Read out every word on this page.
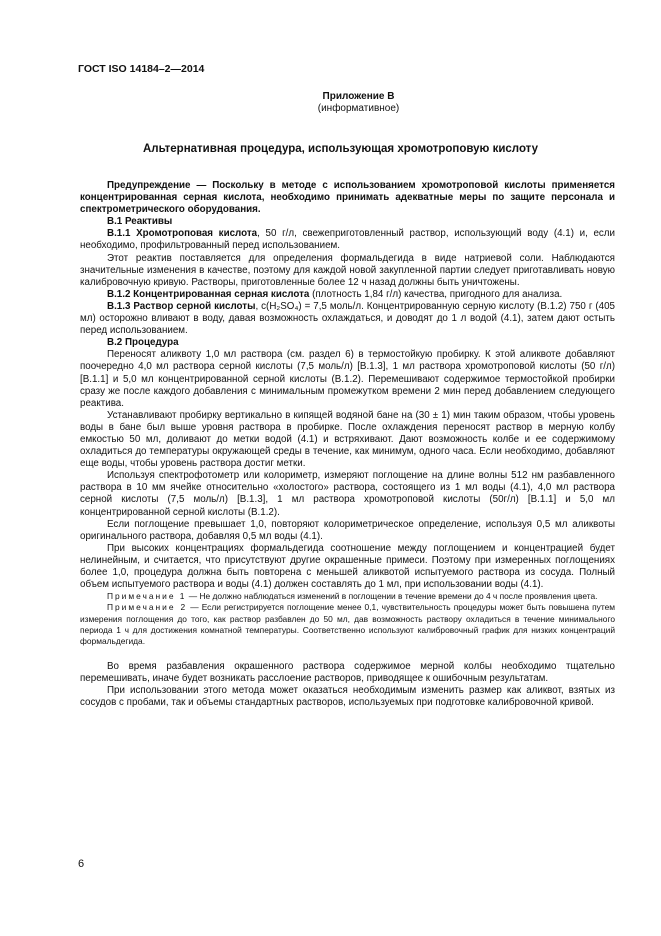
ГОСТ ISO 14184–2—2014
Приложение В
(информативное)
Альтернативная процедура, использующая хромотроповую кислоту

Предупреждение — Поскольку в методе с использованием хромотроповой кислоты применяется концентрированная серная кислота, необходимо принимать адекватные меры по защите персонала и спектрометрического оборудования.

В.1 Реактивы

В.1.1 Хромотроповая кислота, 50 г/л, свежеприготовленный раствор, использующий воду (4.1) и, если необходимо, профильтрованный перед использованием.

Этот реактив поставляется для определения формальдегида в виде натриевой соли. Наблюдаются значительные изменения в качестве, поэтому для каждой новой закупленной партии следует приготавливать новую калибровочную кривую. Растворы, приготовленные более 12 ч назад должны быть уничтожены.

В.1.2 Концентрированная серная кислота (плотность 1,84 г/л) качества, пригодного для анализа.

В.1.3 Раствор серной кислоты, c(H₂SO₄) = 7,5 моль/л. Концентрированную серную кислоту (В.1.2) 750 г (405 мл) осторожно вливают в воду, давая возможность охлаждаться, и доводят до 1 л водой (4.1), затем дают остыть перед использованием.

В.2 Процедура

Переносят аликвоту 1,0 мл раствора (см. раздел 6) в термостойкую пробирку. К этой аликвоте добавляют поочередно 4,0 мл раствора серной кислоты (7,5 моль/л) [В.1.3], 1 мл раствора хромотроповой кислоты (50 г/л) [В.1.1] и 5,0 мл концентрированной серной кислоты (В.1.2). Перемешивают содержимое термостойкой пробирки сразу же после каждого добавления с минимальным промежутком времени 2 мин перед добавлением следующего реактива.

Устанавливают пробирку вертикально в кипящей водяной бане на (30 ± 1) мин таким образом, чтобы уровень воды в бане был выше уровня раствора в пробирке. После охлаждения переносят раствор в мерную колбу емкостью 50 мл, доливают до метки водой (4.1) и встряхивают. Дают возможность колбе и ее содержимому охладиться до температуры окружающей среды в течение, как минимум, одного часа. Если необходимо, добавляют еще воды, чтобы уровень раствора достиг метки.

Используя спектрофотометр или колориметр, измеряют поглощение на длине волны 512 нм разбавленного раствора в 10 мм ячейке относительно «холостого» раствора, состоящего из 1 мл воды (4.1), 4,0 мл раствора серной кислоты (7,5 моль/л) [В.1.3], 1 мл раствора хромотроповой кислоты (50г/л) [В.1.1] и 5,0 мл концентрированной серной кислоты (В.1.2).

Если поглощение превышает 1,0, повторяют колориметрическое определение, используя 0,5 мл аликвоты оригинального раствора, добавляя 0,5 мл воды (4.1).

При высоких концентрациях формальдегида соотношение между поглощением и концентрацией будет нелинейным, и считается, что присутствуют другие окрашенные примеси. Поэтому при измеренных поглощениях более 1,0, процедура должна быть повторена с меньшей аликвотой испытуемого раствора из сосуда. Полный объем испытуемого раствора и воды (4.1) должен составлять до 1 мл, при использовании воды (4.1).

Примечание 1 — Не должно наблюдаться изменений в поглощении в течение времени до 4 ч после проявления цвета.

Примечание 2 — Если регистрируется поглощение менее 0,1, чувствительность процедуры может быть повышена путем измерения поглощения до того, как раствор разбавлен до 50 мл, дав возможность раствору охладиться в течение минимального периода 1 ч для достижения комнатной температуры. Соответственно используют калибровочный график для низких концентраций формальдегида.

Во время разбавления окрашенного раствора содержимое мерной колбы необходимо тщательно перемешивать, иначе будет возникать расслоение растворов, приводящее к ошибочным результатам.

При использовании этого метода может оказаться необходимым изменить размер как аликвот, взятых из сосудов с пробами, так и объемы стандартных растворов, используемых при подготовке калибровочной кривой.

6
